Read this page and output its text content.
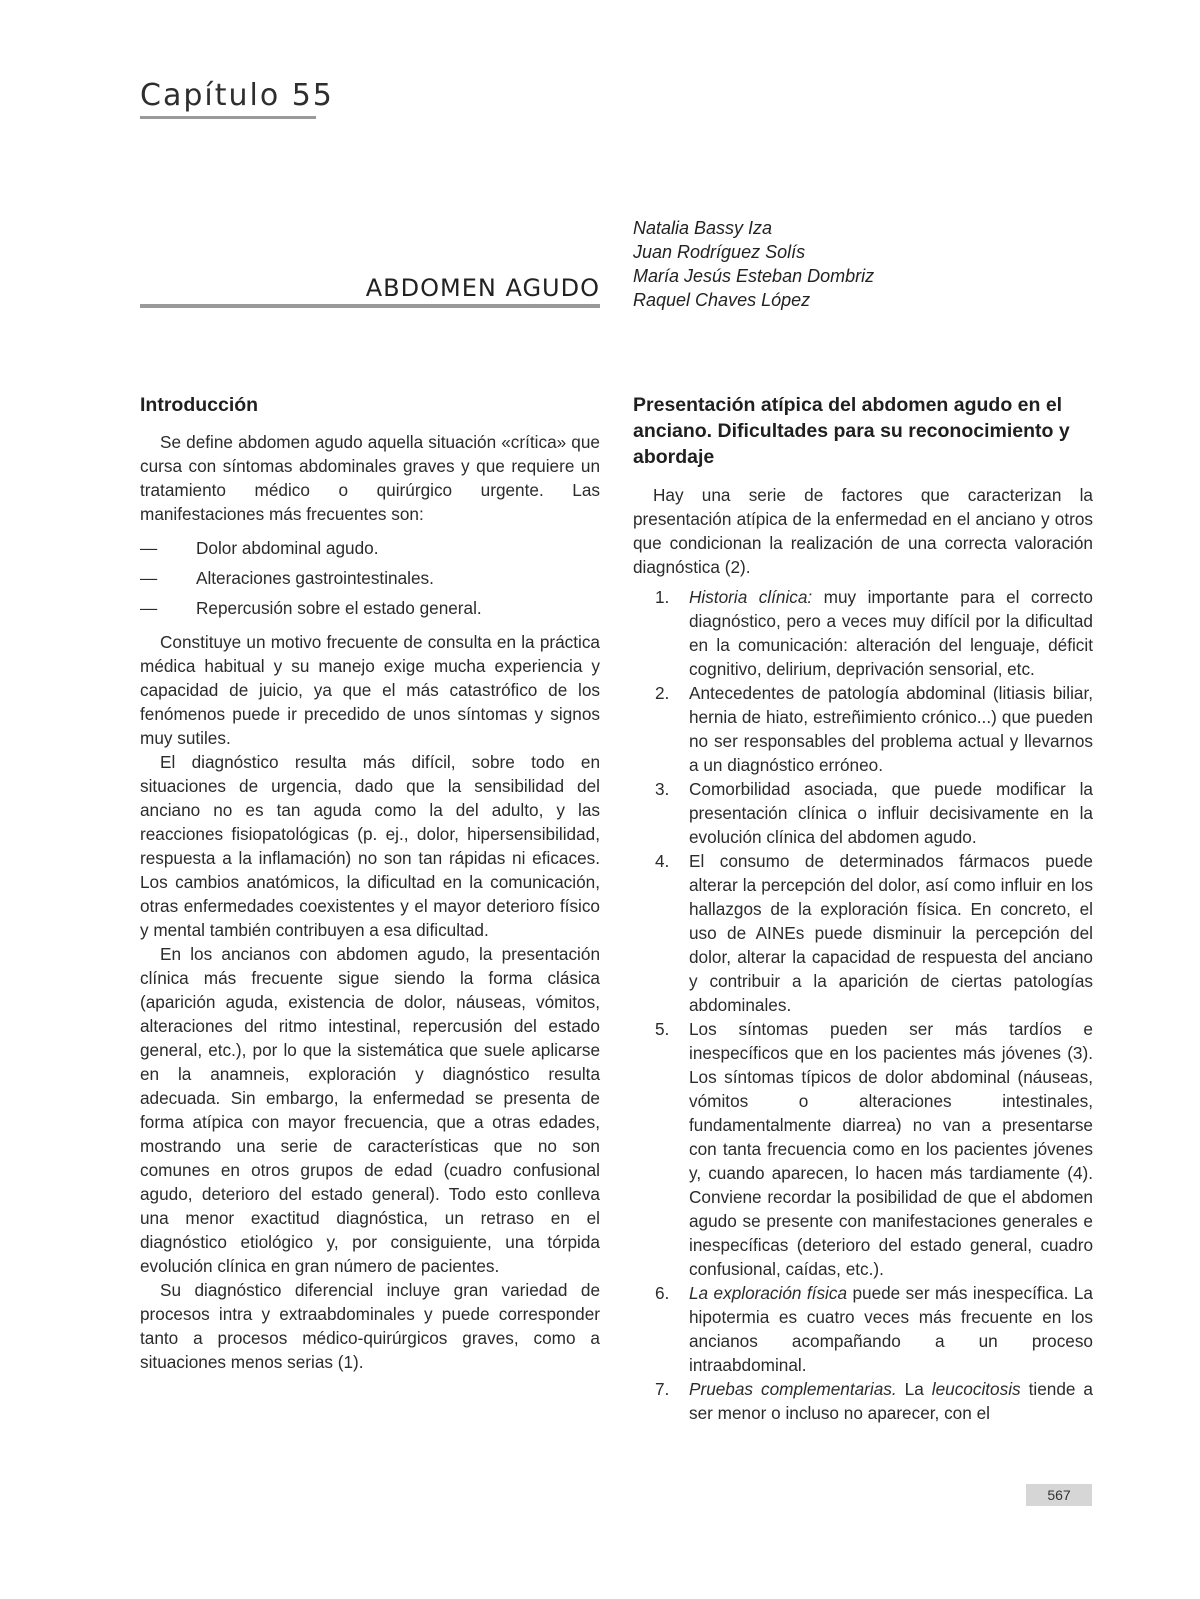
Capítulo 55
ABDOMEN AGUDO
Natalia Bassy Iza
Juan Rodríguez Solís
María Jesús Esteban Dombriz
Raquel Chaves López
Introducción

Se define abdomen agudo aquella situación «crítica» que cursa con síntomas abdominales graves y que requiere un tratamiento médico o quirúrgico urgente. Las manifestaciones más frecuentes son:

— Dolor abdominal agudo.
— Alteraciones gastrointestinales.
— Repercusión sobre el estado general.

Constituye un motivo frecuente de consulta en la práctica médica habitual y su manejo exige mucha experiencia y capacidad de juicio, ya que el más catastrófico de los fenómenos puede ir precedido de unos síntomas y signos muy sutiles.

El diagnóstico resulta más difícil, sobre todo en situaciones de urgencia, dado que la sensibilidad del anciano no es tan aguda como la del adulto, y las reacciones fisiopatológicas (p. ej., dolor, hipersensibilidad, respuesta a la inflamación) no son tan rápidas ni eficaces. Los cambios anatómicos, la dificultad en la comunicación, otras enfermedades coexistentes y el mayor deterioro físico y mental también contribuyen a esa dificultad.

En los ancianos con abdomen agudo, la presentación clínica más frecuente sigue siendo la forma clásica (aparición aguda, existencia de dolor, náuseas, vómitos, alteraciones del ritmo intestinal, repercusión del estado general, etc.), por lo que la sistemática que suele aplicarse en la anamneis, exploración y diagnóstico resulta adecuada. Sin embargo, la enfermedad se presenta de forma atípica con mayor frecuencia, que a otras edades, mostrando una serie de características que no son comunes en otros grupos de edad (cuadro confusional agudo, deterioro del estado general). Todo esto conlleva una menor exactitud diagnóstica, un retraso en el diagnóstico etiológico y, por consiguiente, una tórpida evolución clínica en gran número de pacientes.

Su diagnóstico diferencial incluye gran variedad de procesos intra y extraabdominales y puede corresponder tanto a procesos médico-quirúrgicos graves, como a situaciones menos serias (1).

Presentación atípica del abdomen agudo en el anciano. Dificultades para su reconocimiento y abordaje

Hay una serie de factores que caracterizan la presentación atípica de la enfermedad en el anciano y otros que condicionan la realización de una correcta valoración diagnóstica (2).

1. Historia clínica: muy importante para el correcto diagnóstico, pero a veces muy difícil por la dificultad en la comunicación: alteración del lenguaje, déficit cognitivo, delirium, deprivación sensorial, etc.
2. Antecedentes de patología abdominal (litiasis biliar, hernia de hiato, estreñimiento crónico...) que pueden no ser responsables del problema actual y llevarnos a un diagnóstico erróneo.
3. Comorbilidad asociada, que puede modificar la presentación clínica o influir decisivamente en la evolución clínica del abdomen agudo.
4. El consumo de determinados fármacos puede alterar la percepción del dolor, así como influir en los hallazgos de la exploración física. En concreto, el uso de AINEs puede disminuir la percepción del dolor, alterar la capacidad de respuesta del anciano y contribuir a la aparición de ciertas patologías abdominales.
5. Los síntomas pueden ser más tardíos e inespecíficos que en los pacientes más jóvenes (3). Los síntomas típicos de dolor abdominal (náuseas, vómitos o alteraciones intestinales, fundamentalmente diarrea) no van a presentarse con tanta frecuencia como en los pacientes jóvenes y, cuando aparecen, lo hacen más tardiamente (4). Conviene recordar la posibilidad de que el abdomen agudo se presente con manifestaciones generales e inespecíficas (deterioro del estado general, cuadro confusional, caídas, etc.).
6. La exploración física puede ser más inespecífica. La hipotermia es cuatro veces más frecuente en los ancianos acompañando a un proceso intraabdominal.
7. Pruebas complementarias. La leucocitosis tiende a ser menor o incluso no aparecer, con el
567
